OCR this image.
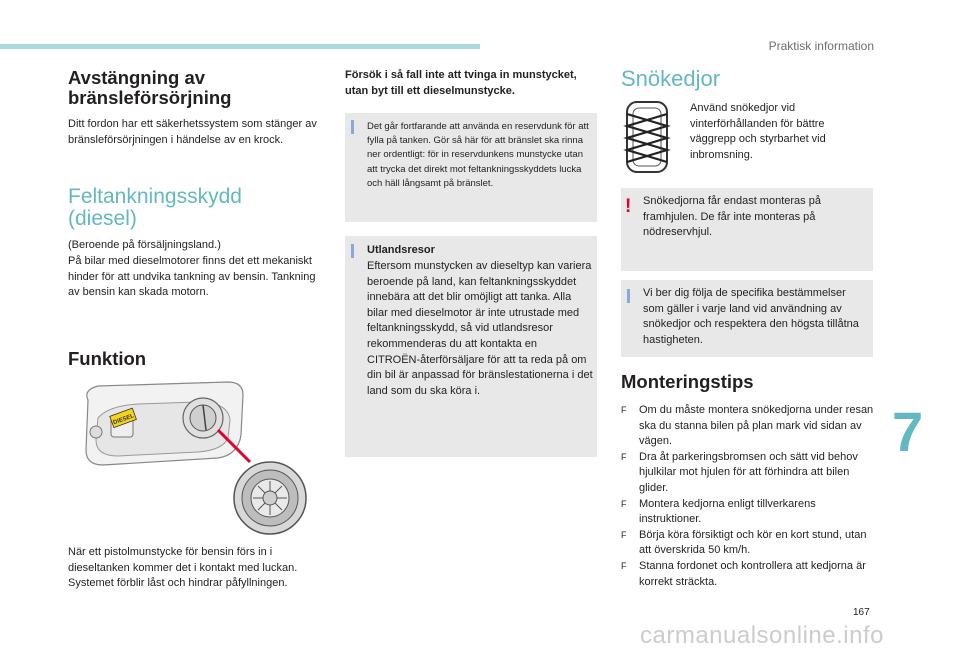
Praktisk information
Avstängning av bränsleförsörjning

Ditt fordon har ett säkerhetssystem som stänger av bränsleförsörjningen i händelse av en krock.

Feltankningsskydd (diesel)

(Beroende på försäljningsland.)

På bilar med dieselmotorer finns det ett mekaniskt hinder för att undvika tankning av bensin. Tankning av bensin kan skada motorn.

Funktion
DIESEL

När ett pistolmunstycke för bensin förs in i dieseltanken kommer det i kontakt med luckan. Systemet förblir låst och hindrar påfyllningen.

Försök i så fall inte att tvinga in munstycket, utan byt till ett dieselmunstycke.

Det går fortfarande att använda en reservdunk för att fylla på tanken. Gör så här för att bränslet ska rinna ner ordentligt: för in reservdunkens munstycke utan att trycka det direkt mot feltankningsskyddets lucka och häll långsamt på bränslet.

Utlandsresor

Eftersom munstycken av dieseltyp kan variera beroende på land, kan feltankningsskyddet innebära att det blir omöjligt att tanka. Alla bilar med dieselmotor är inte utrustade med feltankningsskydd, så vid utlandsresor rekommenderas du att kontakta en CITROËN-återförsäljare för att ta reda på om din bil är anpassad för bränslestationerna i det land som du ska köra i.

Snökedjor

Använd snökedjor vid vinterförhållanden för bättre väggrepp och styrbarhet vid inbromsning.

! Snökedjorna får endast monteras på framhjulen. De får inte monteras på nödreservhjul.

Vi ber dig följa de specifika bestämmelser som gäller i varje land vid användning av snökedjor och respektera den högsta tillåtna hastigheten.

Monteringstips
F Om du måste montera snökedjorna under resan ska du stanna bilen på plan mark vid sidan av vägen.
F Dra åt parkeringsbromsen och sätt vid behov hjulkilar mot hjulen för att förhindra att bilen glider.
F Montera kedjorna enligt tillverkarens instruktioner.
F Börja köra försiktigt och kör en kort stund, utan att överskrida 50 km/h.
F Stanna fordonet och kontrollera att kedjorna är korrekt sträckta.
7
167
carmanualsonline.info
